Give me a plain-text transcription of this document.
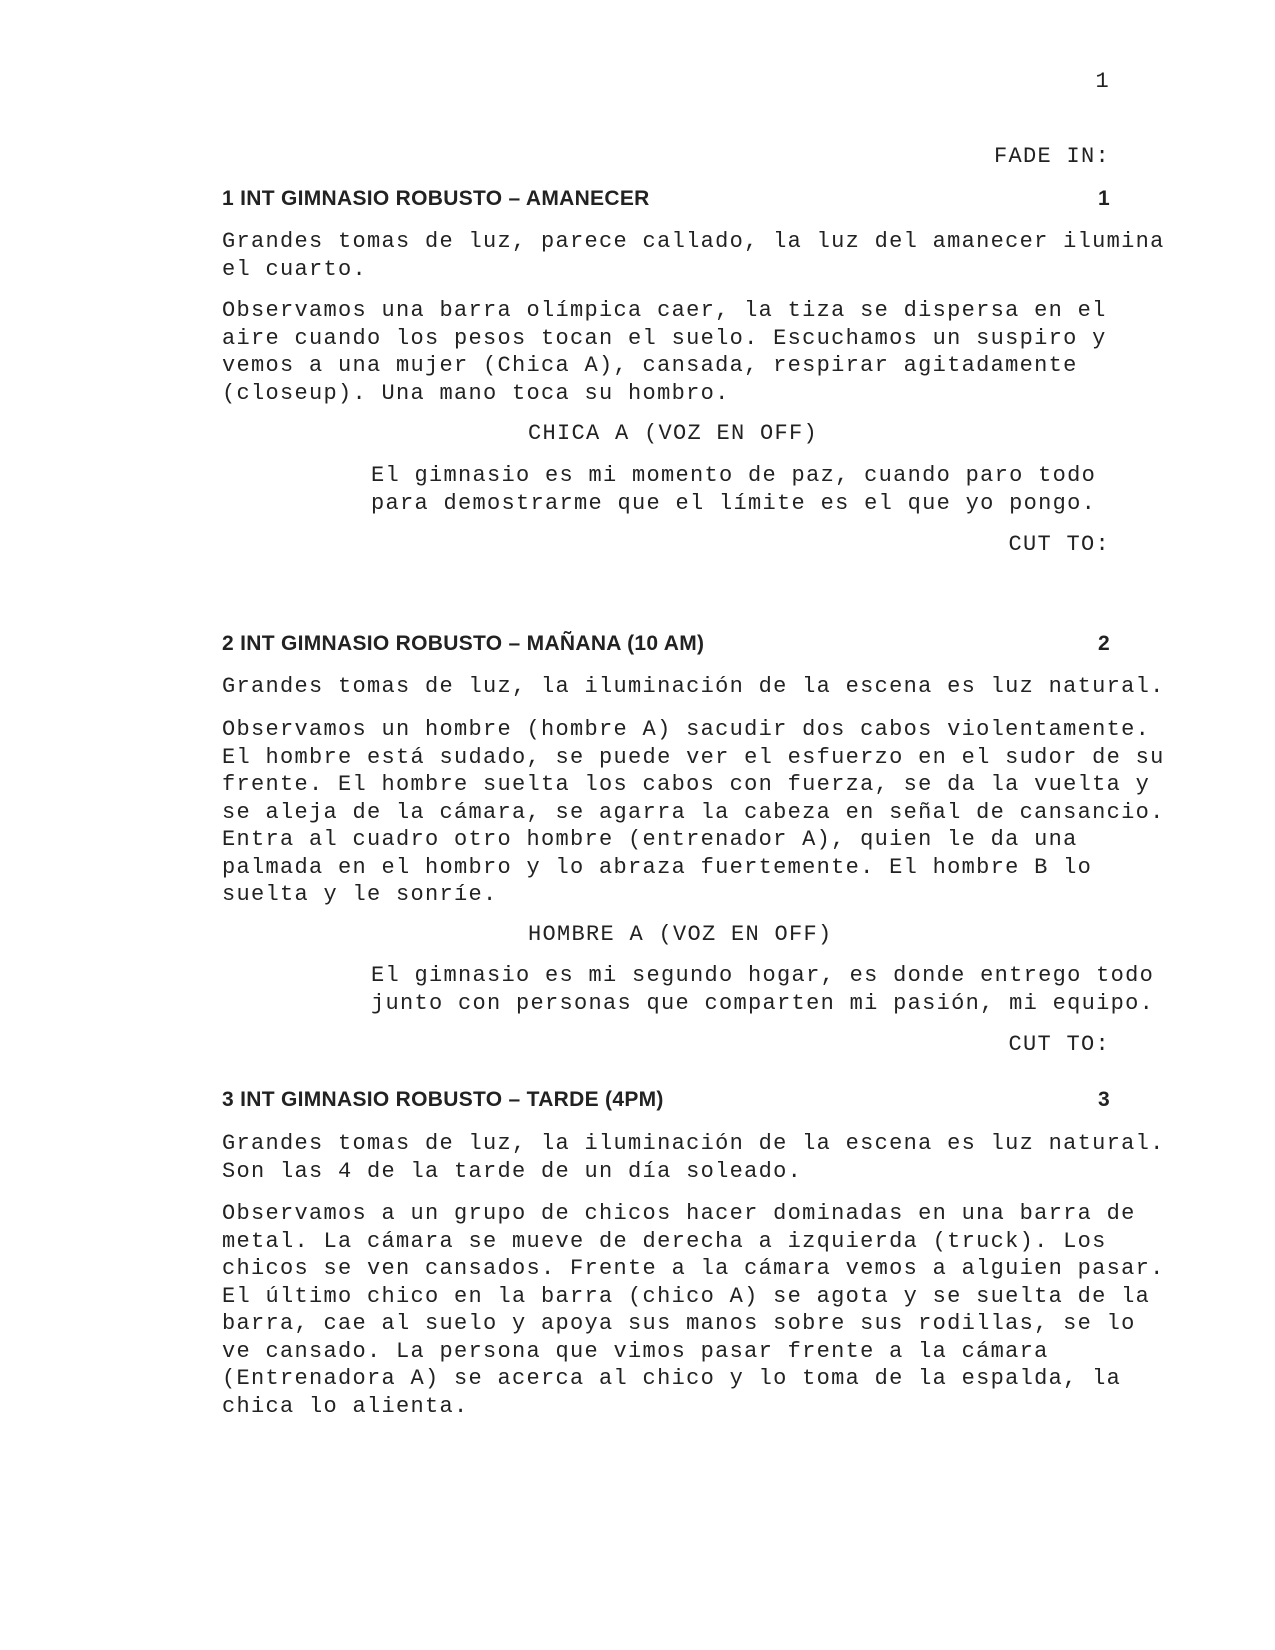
1
FADE IN:
1 INT GIMNASIO ROBUSTO – AMANECER	1
Grandes tomas de luz, parece callado, la luz del amanecer ilumina
el cuarto.
Observamos una barra olímpica caer, la tiza se dispersa en el
aire cuando los pesos tocan el suelo. Escuchamos un suspiro y
vemos a una mujer (Chica A), cansada, respirar agitadamente
(closeup). Una mano toca su hombro.
CHICA A (VOZ EN OFF)
El gimnasio es mi momento de paz, cuando paro todo
para demostrarme que el límite es el que yo pongo.
CUT TO:
2 INT GIMNASIO ROBUSTO – MAÑANA (10 AM)	2
Grandes tomas de luz, la iluminación de la escena es luz natural.
Observamos un hombre (hombre A) sacudir dos cabos violentamente.
El hombre está sudado, se puede ver el esfuerzo en el sudor de su
frente. El hombre suelta los cabos con fuerza, se da la vuelta y
se aleja de la cámara, se agarra la cabeza en señal de cansancio.
Entra al cuadro otro hombre (entrenador A), quien le da una
palmada en el hombro y lo abraza fuertemente. El hombre B lo
suelta y le sonríe.
HOMBRE A (VOZ EN OFF)
El gimnasio es mi segundo hogar, es donde entrego todo
junto con personas que comparten mi pasión, mi equipo.
CUT TO:
3 INT GIMNASIO ROBUSTO – TARDE (4PM)	3
Grandes tomas de luz, la iluminación de la escena es luz natural.
Son las 4 de la tarde de un día soleado.
Observamos a un grupo de chicos hacer dominadas en una barra de
metal. La cámara se mueve de derecha a izquierda (truck). Los
chicos se ven cansados. Frente a la cámara vemos a alguien pasar.
El último chico en la barra (chico A) se agota y se suelta de la
barra, cae al suelo y apoya sus manos sobre sus rodillas, se lo
ve cansado. La persona que vimos pasar frente a la cámara
(Entrenadora A) se acerca al chico y lo toma de la espalda, la
chica lo alienta.
